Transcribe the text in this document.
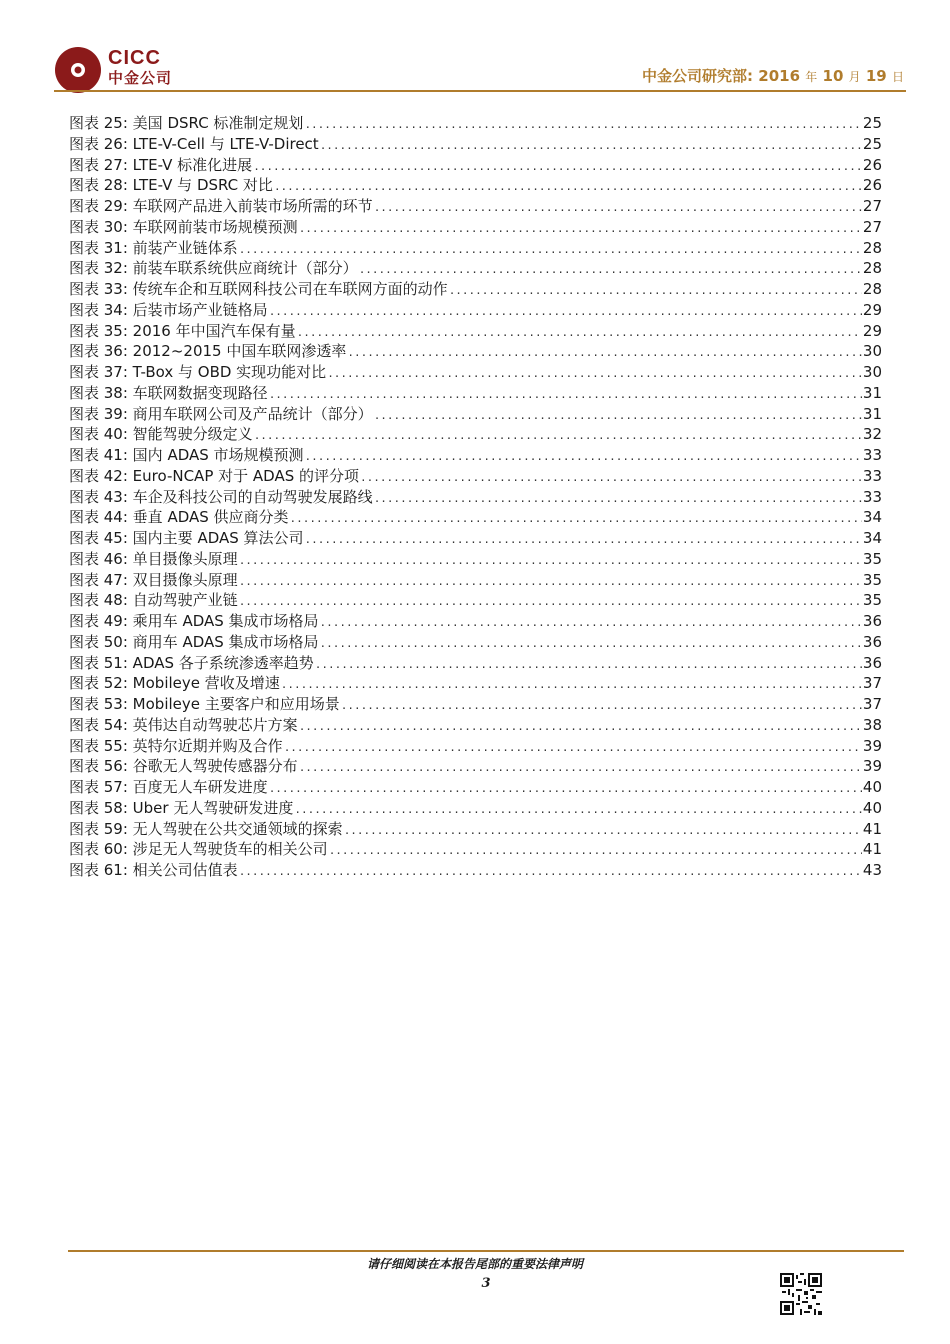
CICC
中金公司	中金公司研究部: 2016 年 10 月 19 日
图表 25: 美国 DSRC 标准制定规划 .....	25
图表 26: LTE-V-Cell 与 LTE-V-Direct .....	25
图表 27: LTE-V 标准化进展 .....	26
图表 28: LTE-V 与 DSRC 对比 .....	26
图表 29: 车联网产品进入前装市场所需的环节 .....	27
图表 30: 车联网前装市场规模预测 .....	27
图表 31: 前装产业链体系 .....	28
图表 32: 前装车联系统供应商统计（部分） .....	28
图表 33: 传统车企和互联网科技公司在车联网方面的动作 .....	28
图表 34: 后装市场产业链格局 .....	29
图表 35: 2016 年中国汽车保有量 .....	29
图表 36: 2012~2015 中国车联网渗透率 .....	30
图表 37: T-Box 与 OBD 实现功能对比 .....	30
图表 38: 车联网数据变现路径 .....	31
图表 39: 商用车联网公司及产品统计（部分） .....	31
图表 40: 智能驾驶分级定义 .....	32
图表 41: 国内 ADAS 市场规模预测 .....	33
图表 42: Euro-NCAP 对于 ADAS 的评分项 .....	33
图表 43: 车企及科技公司的自动驾驶发展路线 .....	33
图表 44: 垂直 ADAS 供应商分类 .....	34
图表 45: 国内主要 ADAS 算法公司 .....	34
图表 46: 单目摄像头原理 .....	35
图表 47: 双目摄像头原理 .....	35
图表 48: 自动驾驶产业链 .....	35
图表 49: 乘用车 ADAS 集成市场格局 .....	36
图表 50: 商用车 ADAS 集成市场格局 .....	36
图表 51: ADAS 各子系统渗透率趋势 .....	36
图表 52: Mobileye 营收及增速 .....	37
图表 53: Mobileye 主要客户和应用场景 .....	37
图表 54: 英伟达自动驾驶芯片方案 .....	38
图表 55: 英特尔近期并购及合作 .....	39
图表 56: 谷歌无人驾驶传感器分布 .....	39
图表 57: 百度无人车研发进度 .....	40
图表 58: Uber 无人驾驶研发进度 .....	40
图表 59: 无人驾驶在公共交通领域的探索 .....	41
图表 60: 涉足无人驾驶货车的相关公司 .....	41
图表 61: 相关公司估值表 .....	43
请仔细阅读在本报告尾部的重要法律声明
3
